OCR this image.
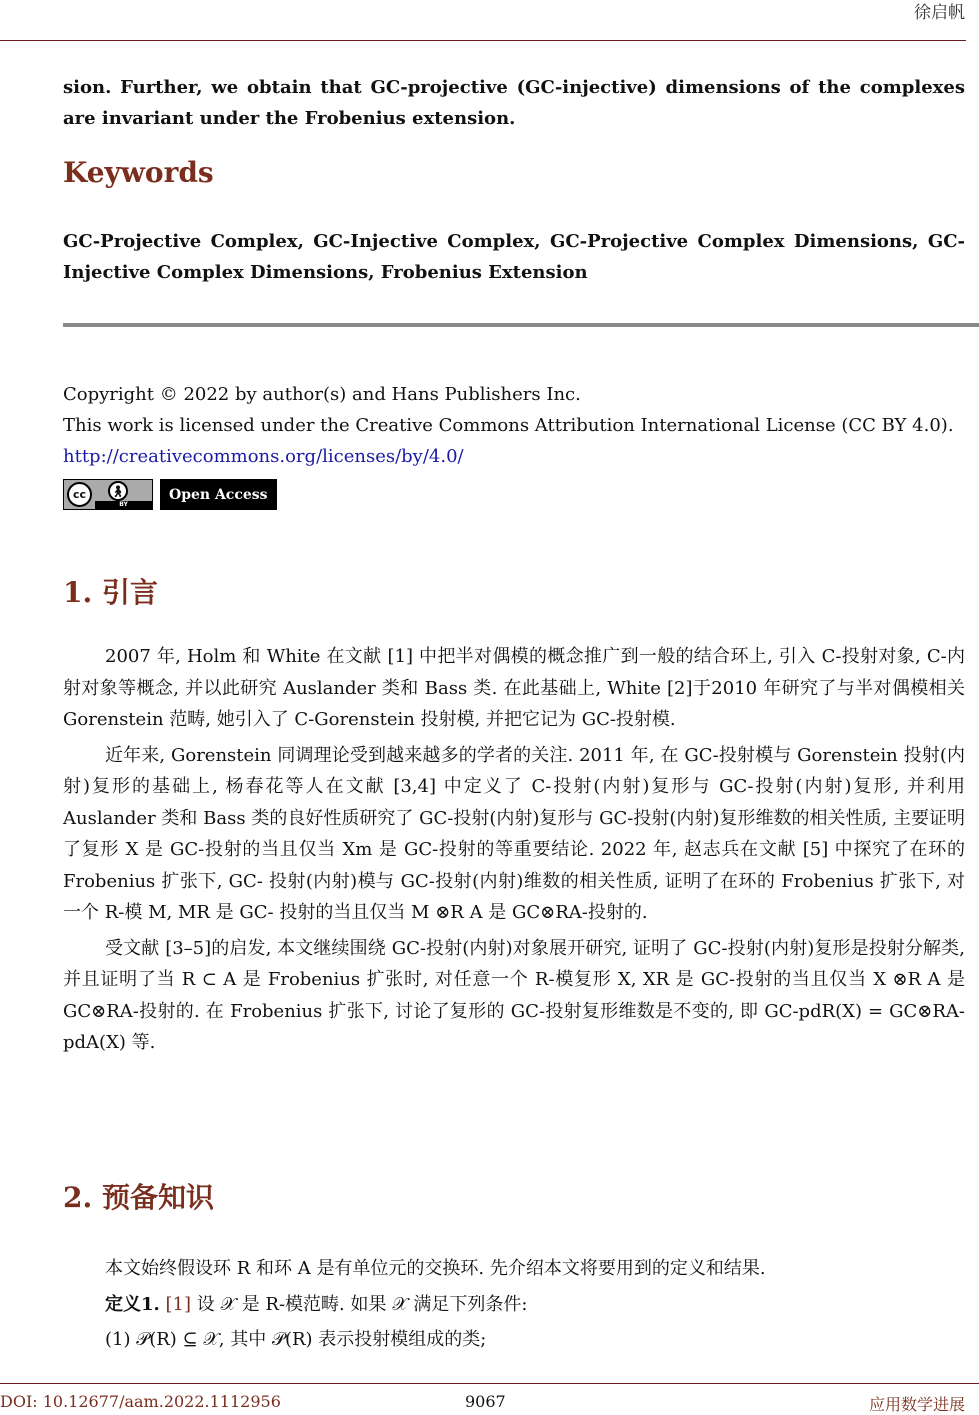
徐启帆
sion. Further, we obtain that GC-projective (GC-injective) dimensions of the complexes are invariant under the Frobenius extension.
Keywords
GC-Projective Complex, GC-Injective Complex, GC-Projective Complex Dimensions, GC-Injective Complex Dimensions, Frobenius Extension
Copyright © 2022 by author(s) and Hans Publishers Inc.
This work is licensed under the Creative Commons Attribution International License (CC BY 4.0).
http://creativecommons.org/licenses/by/4.0/
cc	🚶︎
BY
Open Access
1. 引言

2007 年, Holm 和 White 在文献 [1] 中把半对偶模的概念推广到一般的结合环上, 引入 C-投射对象, C-内射对象等概念, 并以此研究 Auslander 类和 Bass 类. 在此基础上, White [2]于2010 年研究了与半对偶模相关 Gorenstein 范畴, 她引入了 C-Gorenstein 投射模, 并把它记为 GC-投射模.

近年来, Gorenstein 同调理论受到越来越多的学者的关注. 2011 年, 在 GC-投射模与 Gorenstein 投射(内射)复形的基础上, 杨春花等人在文献 [3,4] 中定义了 C-投射(内射)复形与 GC-投射(内射)复形, 并利用 Auslander 类和 Bass 类的良好性质研究了 GC-投射(内射)复形与 GC-投射(内射)复形维数的相关性质, 主要证明了复形 X 是 GC-投射的当且仅当 Xm 是 GC-投射的等重要结论. 2022 年, 赵志兵在文献 [5] 中探究了在环的 Frobenius 扩张下, GC- 投射(内射)模与 GC-投射(内射)维数的相关性质, 证明了在环的 Frobenius 扩张下, 对一个 R-模 M, MR 是 GC- 投射的当且仅当 M ⊗R A 是 GC⊗RA-投射的.

受文献 [3–5]的启发, 本文继续围绕 GC-投射(内射)对象展开研究, 证明了 GC-投射(内射)复形是投射分解类, 并且证明了当 R ⊂ A 是 Frobenius 扩张时, 对任意一个 R-模复形 X, XR 是 GC-投射的当且仅当 X ⊗R A 是 GC⊗RA-投射的. 在 Frobenius 扩张下, 讨论了复形的 GC-投射复形维数是不变的, 即 GC-pdR(X) = GC⊗RA-pdA(X) 等.

2. 预备知识

本文始终假设环 R 和环 A 是有单位元的交换环. 先介绍本文将要用到的定义和结果.

定义1. [1] 设 𝒳 是 R-模范畴. 如果 𝒳 满足下列条件:

(1) 𝒫(R) ⊆ 𝒳, 其中 𝒫(R) 表示投射模组成的类;

DOI: 10.12677/aam.2022.1112956	9067	应用数学进展
